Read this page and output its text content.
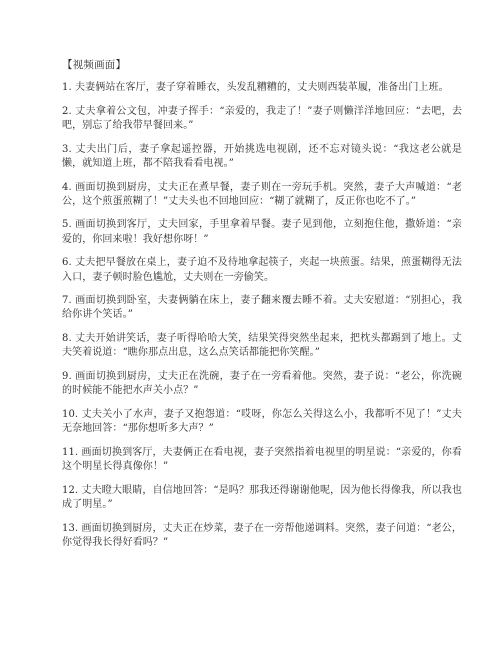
【视频画面】

1. 夫妻俩站在客厅，妻子穿着睡衣，头发乱糟糟的，丈夫则西装革履，准备出门上班。

2. 丈夫拿着公文包，冲妻子挥手：“亲爱的，我走了！”妻子则懒洋洋地回应：“去吧，去吧，别忘了给我带早餐回来。”

3. 丈夫出门后，妻子拿起遥控器，开始挑选电视剧，还不忘对镜头说：“我这老公就是懒，就知道上班，都不陪我看看电视。”

4. 画面切换到厨房，丈夫正在煮早餐，妻子则在一旁玩手机。突然，妻子大声喊道：“老公，这个煎蛋煎糊了！”丈夫头也不回地回应：“糊了就糊了，反正你也吃不了。”

5. 画面切换到客厅，丈夫回家，手里拿着早餐。妻子见到他，立刻抱住他，撒娇道：“亲爱的，你回来啦！我好想你呀！”

6. 丈夫把早餐放在桌上，妻子迫不及待地拿起筷子，夹起一块煎蛋。结果，煎蛋糊得无法入口，妻子顿时脸色尴尬，丈夫则在一旁偷笑。

7. 画面切换到卧室，夫妻俩躺在床上，妻子翻来覆去睡不着。丈夫安慰道：“别担心，我给你讲个笑话。”

8. 丈夫开始讲笑话，妻子听得哈哈大笑，结果笑得突然坐起来，把枕头都踢到了地上。丈夫笑着说道：“瞧你那点出息，这么点笑话都能把你笑醒。”

9. 画面切换到厨房，丈夫正在洗碗，妻子在一旁看着他。突然，妻子说：“老公，你洗碗的时候能不能把水声关小点？”

10. 丈夫关小了水声，妻子又抱怨道：“哎呀，你怎么关得这么小，我都听不见了！”丈夫无奈地回答：“那你想听多大声？”

11. 画面切换到客厅，夫妻俩正在看电视，妻子突然指着电视里的明星说：“亲爱的，你看这个明星长得真像你！”

12. 丈夫瞪大眼睛，自信地回答：“是吗？那我还得谢谢他呢，因为他长得像我，所以我也成了明星。”

13. 画面切换到厨房，丈夫正在炒菜，妻子在一旁帮他递调料。突然，妻子问道：“老公，你觉得我长得好看吗？”
